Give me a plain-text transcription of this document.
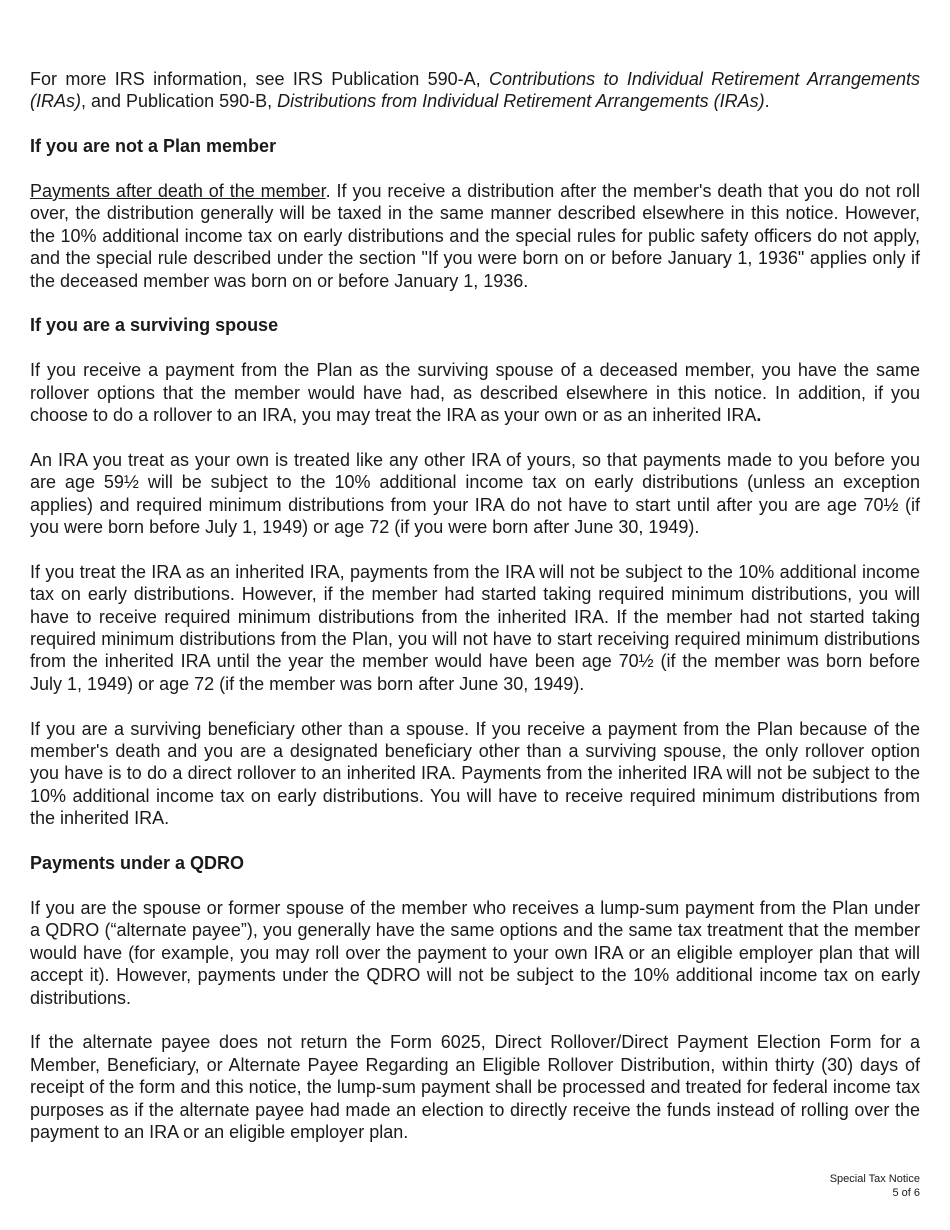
For more IRS information, see IRS Publication 590-A, Contributions to Individual Retirement Arrangements (IRAs), and Publication 590-B, Distributions from Individual Retirement Arrangements (IRAs).

If you are not a Plan member

Payments after death of the member. If you receive a distribution after the member's death that you do not roll over, the distribution generally will be taxed in the same manner described elsewhere in this notice. However, the 10% additional income tax on early distributions and the special rules for public safety officers do not apply, and the special rule described under the section "If you were born on or before January 1, 1936" applies only if the deceased member was born on or before January 1, 1936.

If you are a surviving spouse

If you receive a payment from the Plan as the surviving spouse of a deceased member, you have the same rollover options that the member would have had, as described elsewhere in this notice. In addition, if you choose to do a rollover to an IRA, you may treat the IRA as your own or as an inherited IRA.

An IRA you treat as your own is treated like any other IRA of yours, so that payments made to you before you are age 59½ will be subject to the 10% additional income tax on early distributions (unless an exception applies) and required minimum distributions from your IRA do not have to start until after you are age 70½ (if you were born before July 1, 1949) or age 72 (if you were born after June 30, 1949).

If you treat the IRA as an inherited IRA, payments from the IRA will not be subject to the 10% additional income tax on early distributions. However, if the member had started taking required minimum distributions, you will have to receive required minimum distributions from the inherited IRA. If the member had not started taking required minimum distributions from the Plan, you will not have to start receiving required minimum distributions from the inherited IRA until the year the member would have been age 70½ (if the member was born before July 1, 1949) or age 72 (if the member was born after June 30, 1949).

If you are a surviving beneficiary other than a spouse. If you receive a payment from the Plan because of the member's death and you are a designated beneficiary other than a surviving spouse, the only rollover option you have is to do a direct rollover to an inherited IRA. Payments from the inherited IRA will not be subject to the 10% additional income tax on early distributions. You will have to receive required minimum distributions from the inherited IRA.

Payments under a QDRO

If you are the spouse or former spouse of the member who receives a lump-sum payment from the Plan under a QDRO (“alternate payee”), you generally have the same options and the same tax treatment that the member would have (for example, you may roll over the payment to your own IRA or an eligible employer plan that will accept it). However, payments under the QDRO will not be subject to the 10% additional income tax on early distributions.

If the alternate payee does not return the Form 6025, Direct Rollover/Direct Payment Election Form for a Member, Beneficiary, or Alternate Payee Regarding an Eligible Rollover Distribution, within thirty (30) days of receipt of the form and this notice, the lump-sum payment shall be processed and treated for federal income tax purposes as if the alternate payee had made an election to directly receive the funds instead of rolling over the payment to an IRA or an eligible employer plan.

Special Tax Notice
5 of 6
